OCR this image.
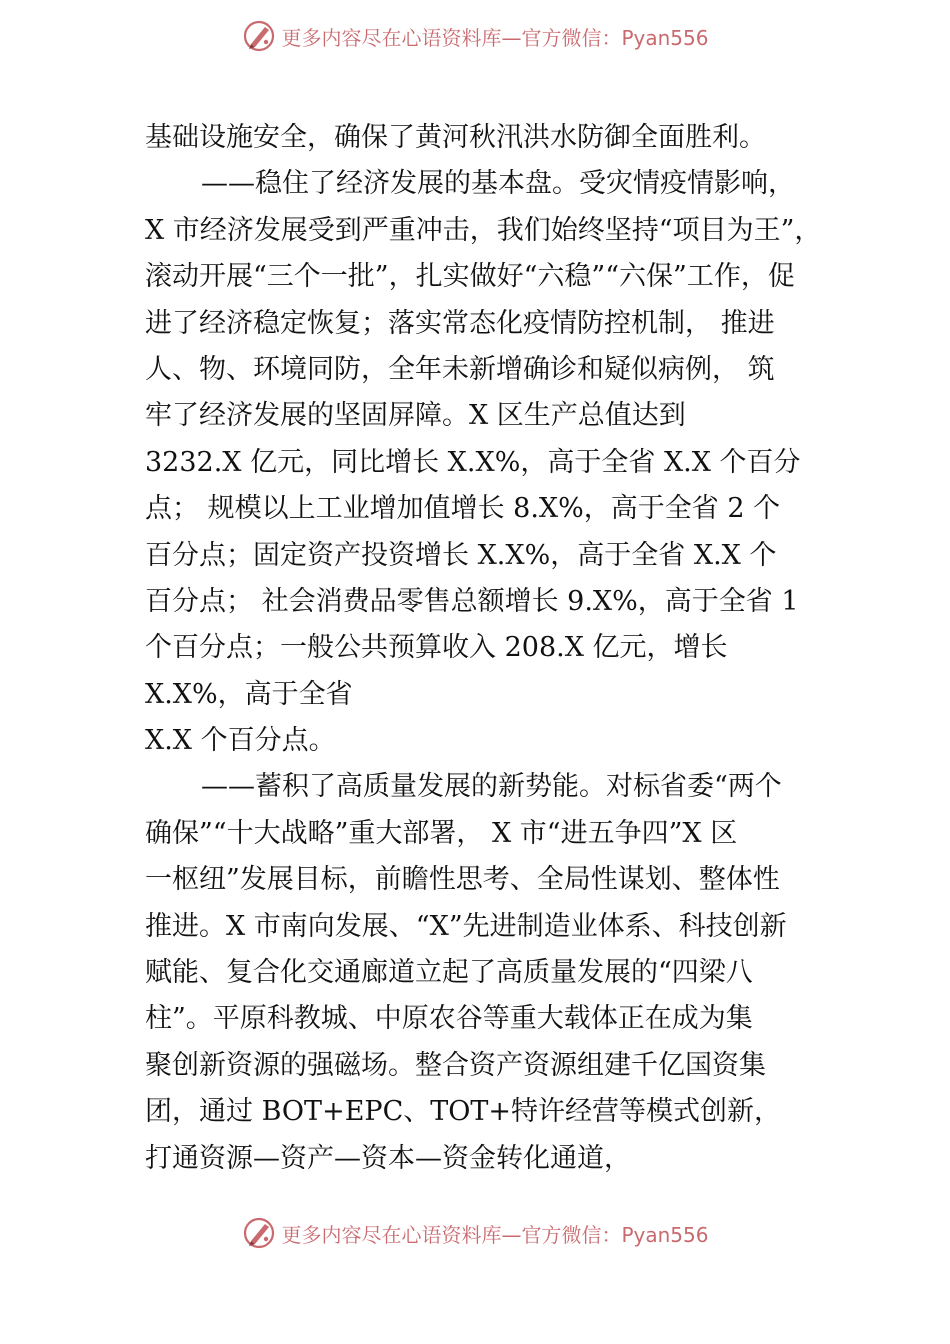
更多内容尽在心语资料库—官方微信：Pyan556
基础设施安全，确保了黄河秋汛洪水防御全面胜利。
——稳住了经济发展的基本盘。受灾情疫情影响，
X 市经济发展受到严重冲击，我们始终坚持“项目为王”，
滚动开展“三个一批”，扎实做好“六稳”“六保”工作，促
进了经济稳定恢复；落实常态化疫情防控机制， 推进
人、物、环境同防，全年未新增确诊和疑似病例， 筑
牢了经济发展的坚固屏障。X 区生产总值达到
3232.X 亿元，同比增长 X.X%，高于全省 X.X 个百分
点； 规模以上工业增加值增长 8.X%，高于全省 2 个
百分点；固定资产投资增长 X.X%，高于全省 X.X 个
百分点； 社会消费品零售总额增长 9.X%，高于全省 1
个百分点；一般公共预算收入 208.X 亿元，增长
X.X%，高于全省
X.X 个百分点。
——蓄积了高质量发展的新势能。对标省委“两个
确保”“十大战略”重大部署， X 市“进五争四”X 区
一枢纽”发展目标，前瞻性思考、全局性谋划、整体性
推进。X 市南向发展、“X”先进制造业体系、科技创新
赋能、复合化交通廊道立起了高质量发展的“四梁八
柱”。平原科教城、中原农谷等重大载体正在成为集
聚创新资源的强磁场。整合资产资源组建千亿国资集
团，通过 BOT+EPC、TOT+特许经营等模式创新，
打通资源—资产—资本—资金转化通道，
更多内容尽在心语资料库—官方微信：Pyan556
